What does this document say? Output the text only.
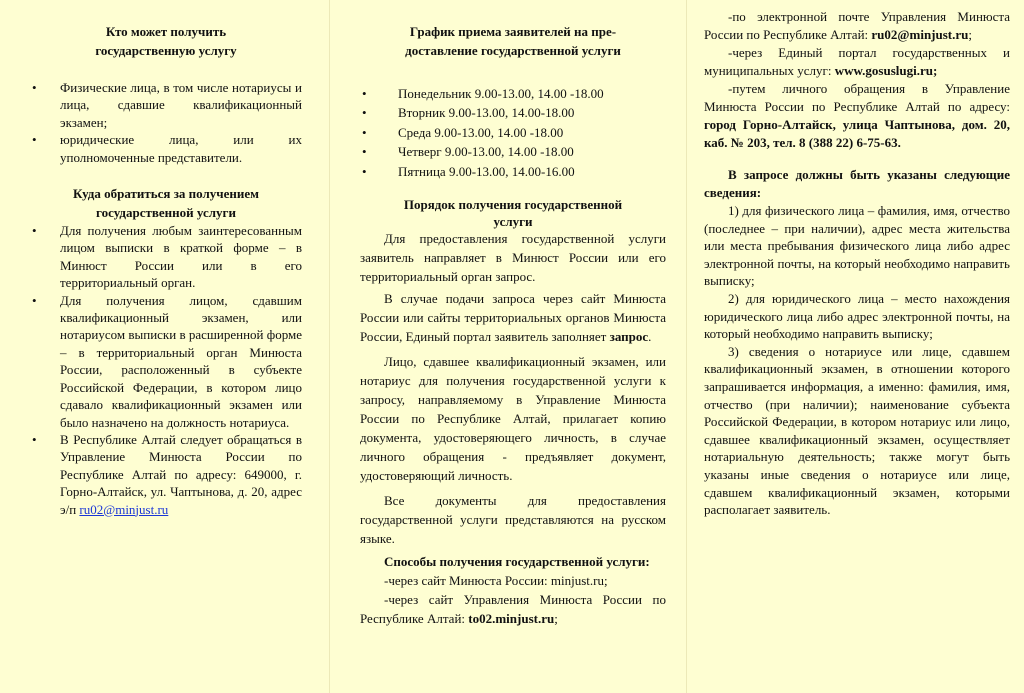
Кто может получить
государственную услугу
• Физические лица, в том числе нотариусы и лица, сдавшие квалификационный экзамен;
• юридические лица, или их уполномоченные представители.
Куда обратиться за получением
государственной услуги
• Для получения любым заинтересованным лицом выписки в краткой форме – в Минюст России или в его территориальный орган.
• Для получения лицом, сдавшим квалификационный экзамен, или нотариусом выписки в расширенной форме – в территориальный орган Минюста России, расположенный в субъекте Российской Федерации, в котором лицо сдавало квалификационный экзамен или было назначено на должность нотариуса.
• В Республике Алтай следует обращаться в Управление Минюста России по Республике Алтай по адресу: 649000, г. Горно-Алтайск, ул. Чаптынова, д. 20, адрес э/п ru02@minjust.ru
График приема заявителей на пре-
доставление государственной услуги
• Понедельник 9.00-13.00, 14.00 -18.00
• Вторник 9.00-13.00, 14.00-18.00
• Среда 9.00-13.00, 14.00 -18.00
• Четверг 9.00-13.00, 14.00 -18.00
• Пятница 9.00-13.00, 14.00-16.00
Порядок получения государственной
услуги

Для предоставления государственной услуги заявитель направляет в Минюст России или его территориальный орган запрос.

В случае подачи запроса через сайт Минюста России или сайты территориальных органов Минюста России, Единый портал заявитель заполняет запрос.

Лицо, сдавшее квалификационный экзамен, или нотариус для получения государственной услуги к запросу, направляемому в Управление Минюста России по Республике Алтай, прилагает копию документа, удостоверяющего личность, в случае личного обращения - предъявляет документ, удостоверяющий личность.

Все документы для предоставления государственной услуги представляются на русском языке.

Способы получения государственной услуги:

-через сайт Минюста России: minjust.ru;

-через сайт Управления Минюста России по Республике Алтай: to02.minjust.ru;

-по электронной почте Управления Минюста России по Республике Алтай: ru02@minjust.ru;

-через Единый портал государственных и муниципальных услуг: www.gosuslugi.ru;

-путем личного обращения в Управление Минюста России по Республике Алтай по адресу: город Горно-Алтайск, улица Чаптынова, дом. 20, каб. № 203, тел. 8 (388 22) 6-75-63.

В запросе должны быть указаны следующие сведения:

1) для физического лица – фамилия, имя, отчество (последнее – при наличии), адрес места жительства или места пребывания физического лица либо адрес электронной почты, на который необходимо направить выписку;

2) для юридического лица – место нахождения юридического лица либо адрес электронной почты, на который необходимо направить выписку;

3) сведения о нотариусе или лице, сдавшем квалификационный экзамен, в отношении которого запрашивается информация, а именно: фамилия, имя, отчество (при наличии); наименование субъекта Российской Федерации, в котором нотариус или лицо, сдавшее квалификационный экзамен, осуществляет нотариальную деятельность; также могут быть указаны иные сведения о нотариусе или лице, сдавшем квалификационный экзамен, которыми располагает заявитель.
